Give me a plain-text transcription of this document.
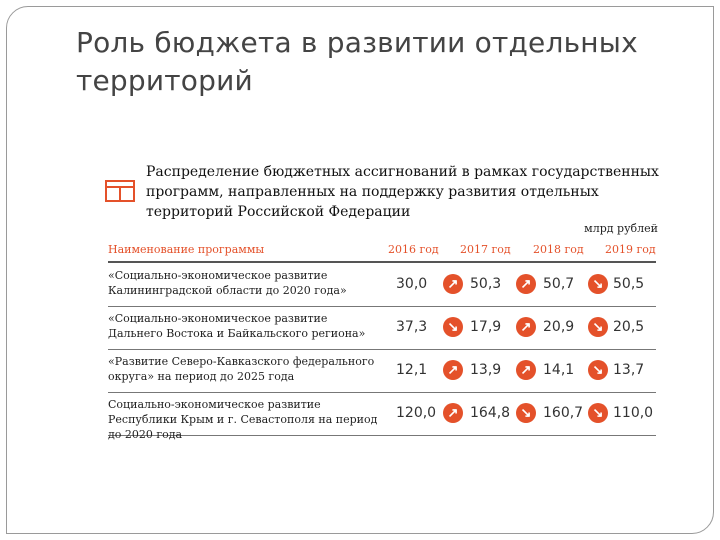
Роль бюджета в развитии отдельных территорий
Распределение бюджетных ассигнований в рамках государственных программ, направленных на поддержку развития отдельных территорий Российской Федерации
млрд рублей
Наименование программы	2016 год 2017 год 2018 год 2019 год
«Социально-экономическое развитие Калининградской области до 2020 года»	30,0	50,3	50,7	50,5
↗	↗	↘
«Социально-экономическое развитие Дальнего Востока и Байкальского региона»	37,3	17,9	20,9	20,5
↘	↗	↘
«Развитие Северо-Кавказского федерального округа» на период до 2025 года	12,1	13,9	14,1	13,7
↗	↗	↘
Социально-экономическое развитие Республики Крым и г. Севастополя на период до 2020 года
120,0 164,8 160,7 110,0
↗	↘	↘
